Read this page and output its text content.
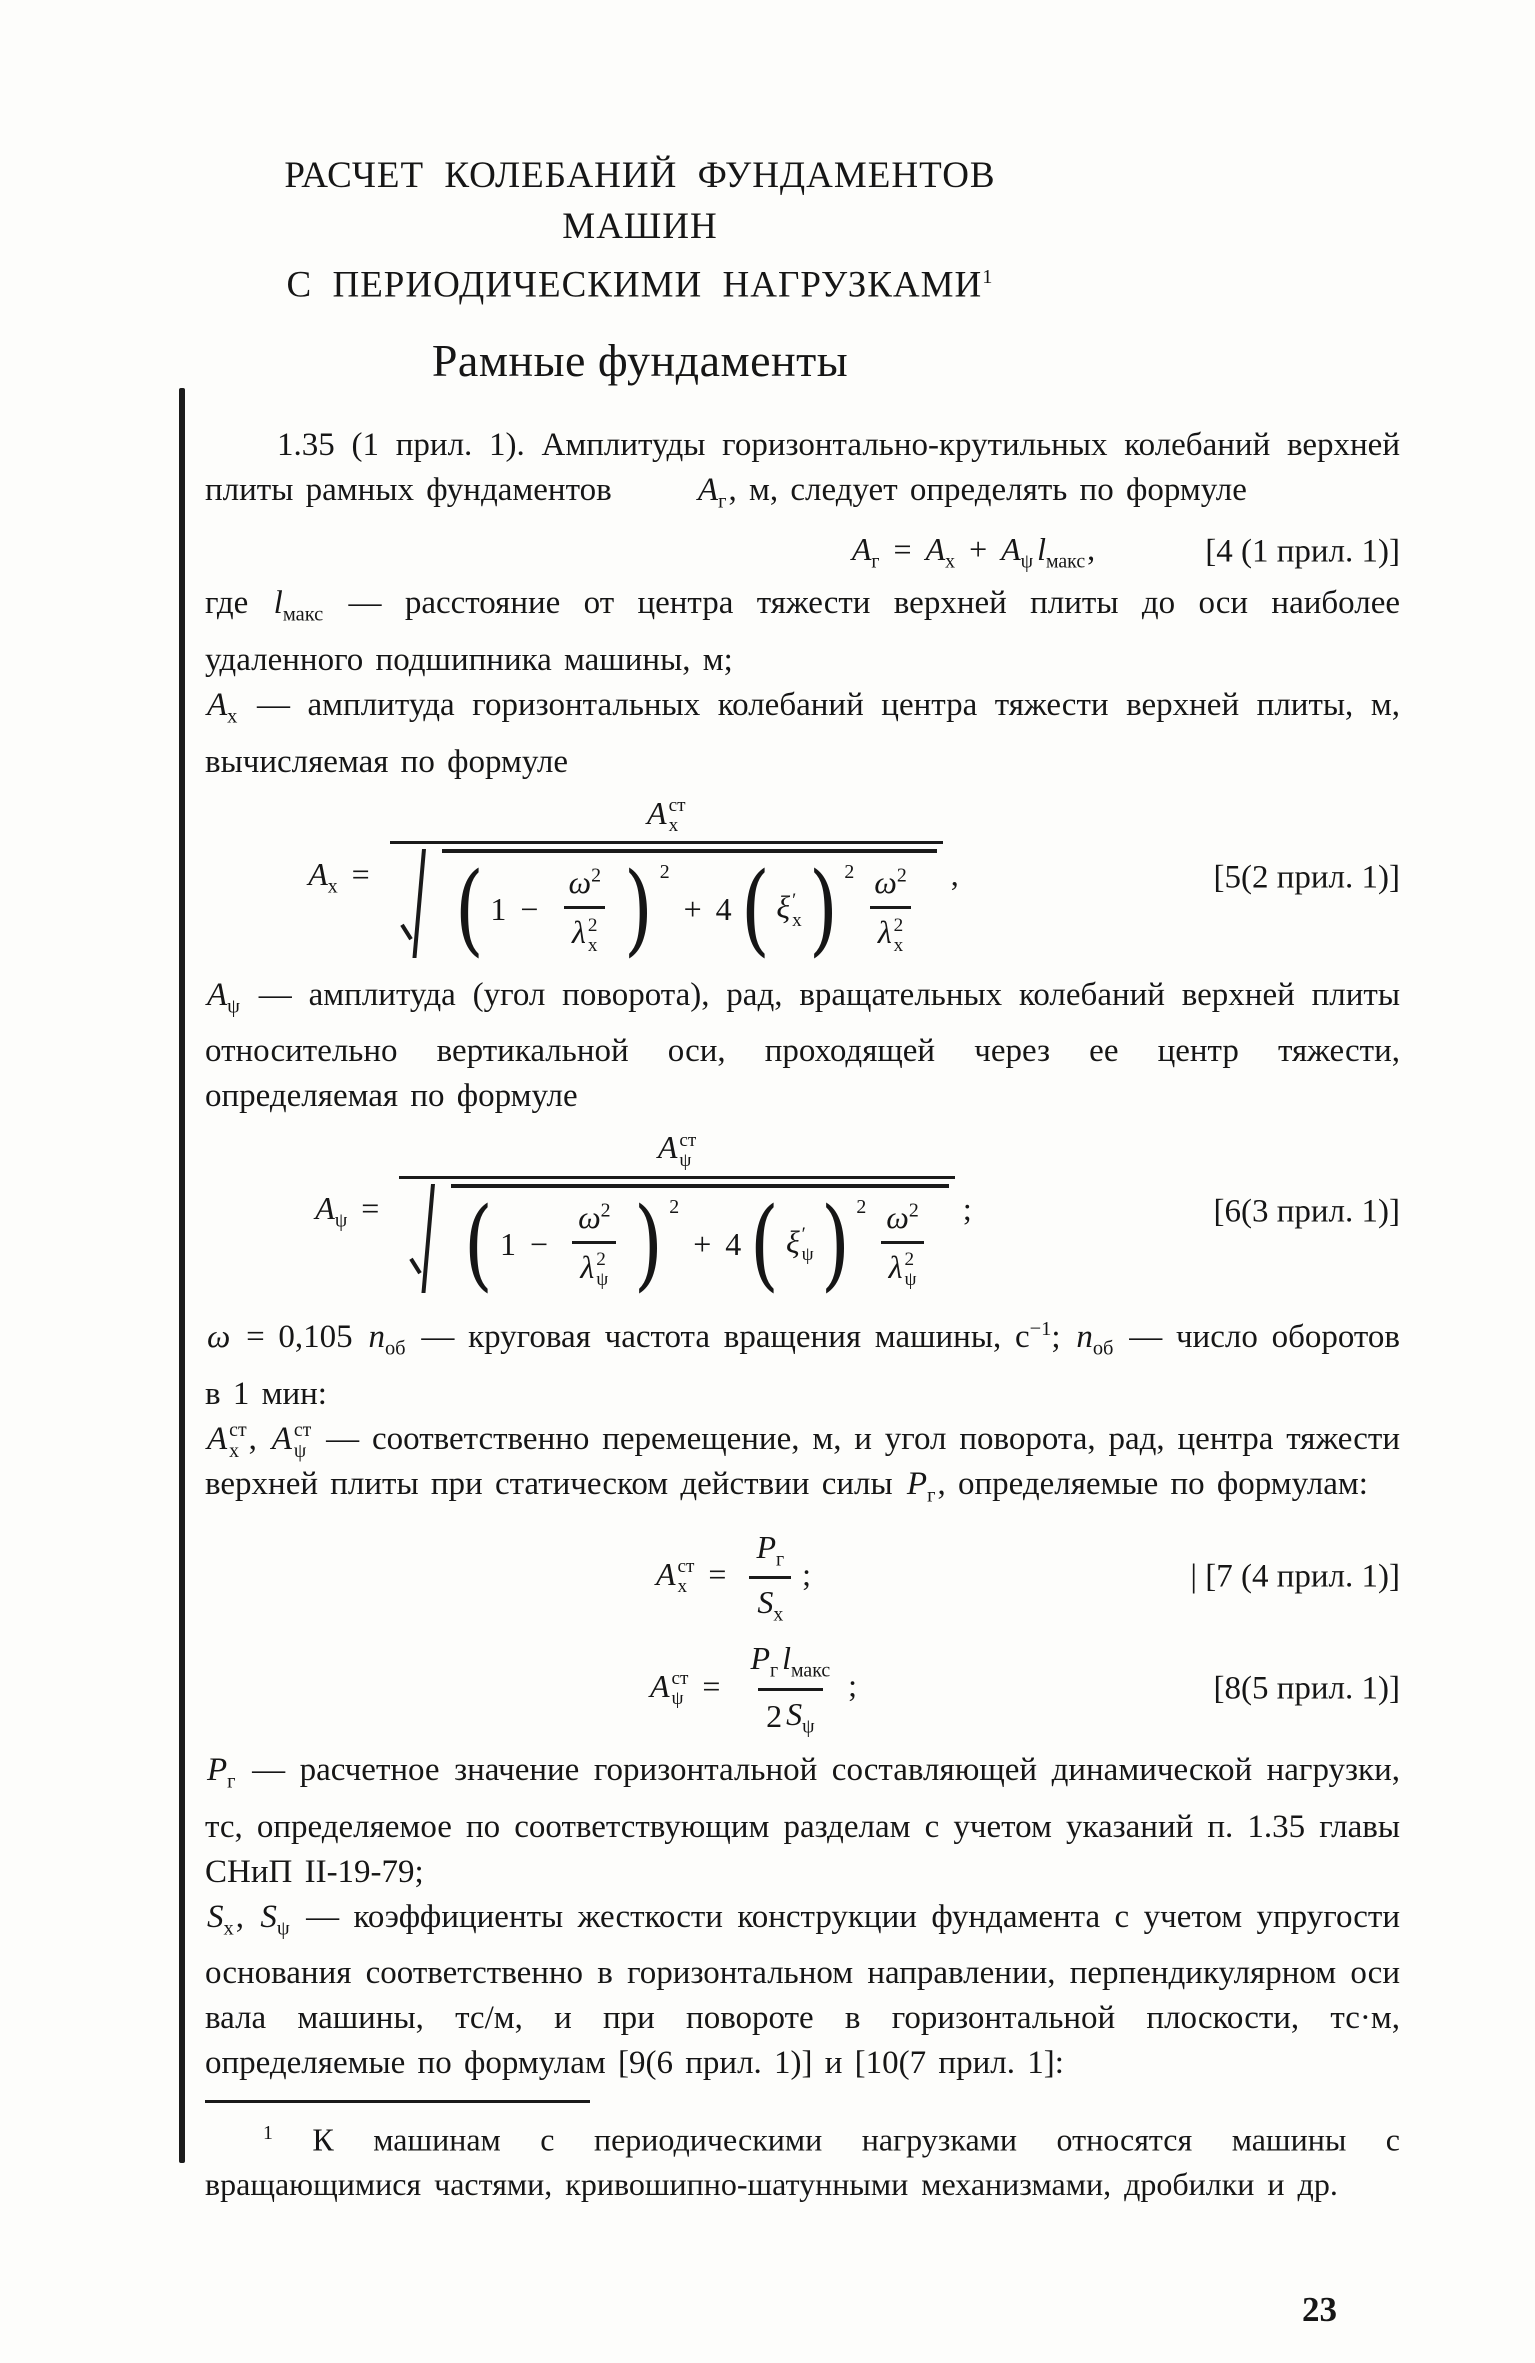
РАСЧЕТ КОЛЕБАНИЙ ФУНДАМЕНТОВ МАШИН
С ПЕРИОДИЧЕСКИМИ НАГРУЗКАМИ$^1$
Рамные фундаменты

1.35 (1 прил. 1). Амплитуды горизонтально-крутильных колебаний верхней плиты рамных фундаментов $A_г$, м, следует определять по формуле

$A_г = A_x + A_\psi$ $l_{макс}$,	[4 (1 прил. 1)]

где $l_{макс}$ — расстояние от центра тяжести верхней плиты до оси наиболее удаленного подшипника машины, м;

$A_x$ — амплитуда горизонтальных колебаний центра тяжести верхней плиты, м, вычисляемая по формуле

$A_x = A$ ст
x
( $1 - \omega^2$
λ 2
x ) 2
+ 4 ( ξ ′
x ) 2 $\omega^2$
λ 2
x ,	[5(2 прил. 1)]

$A_\psi$ — амплитуда (угол поворота), рад, вращательных колебаний верхней плиты относительно вертикальной оси, проходящей через ее центр тяжести, определяемая по формуле

$A_\psi = A$ ст
ψ
( $1 - \omega^2$
λ 2
ψ ) 2
+ 4 ( ξ ′
ψ ) 2 $\omega^2$
λ 2
ψ ;	[6(3 прил. 1)]

ω = 0,105 $n_{об}$ — круговая частота вращения машины, $с^{-1}$; $n_{об}$ — число оборотов в 1 мин:

A ст
x , A ст
ψ — соответственно перемещение, м, и угол поворота, рад, центра тяжести верхней плиты при статическом действии силы $P_г$, определяемые по формулам:

A ст
$x = \frac{P_г}{S_x}$ ;	| [7 (4 прил. 1)]
A ст
$\psi = \frac{P_г l_{макс}}{2 S_\psi}$ ;	[8(5 прил. 1)]

$P_г$ — расчетное значение горизонтальной составляющей динамической нагрузки, тс, определяемое по соответствующим разделам с учетом указаний п. 1.35 главы СНиП II-19-79;

$S_x$, $S_\psi$ — коэффициенты жесткости конструкции фундамента с учетом упругости основания соответственно в горизонтальном направлении, перпендикулярном оси вала машины, тс/м, и при повороте в горизонтальной плоскости, тс·м, определяемые по формулам [9(6 прил. 1)] и [10(7 прил. 1]:

$^1$ К машинам с периодическими нагрузками относятся машины с вращающимися частями, кривошипно-шатунными механизмами, дробилки и др.

23
